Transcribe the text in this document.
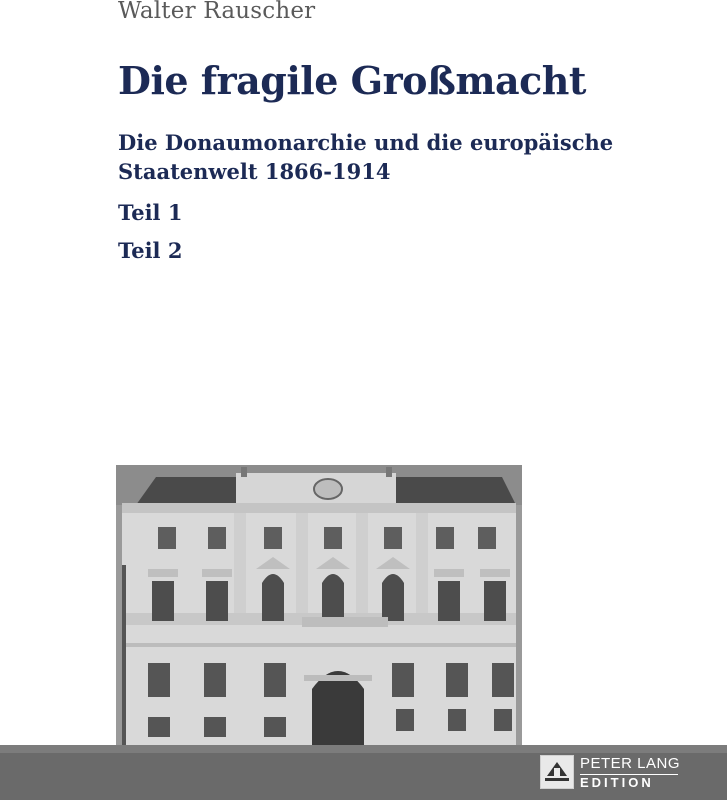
Walter Rauscher
Die fragile Großmacht
Die Donaumonarchie und die europäische
Staatenwelt 1866-1914
Teil 1
Teil 2
PETER LANG
EDITION
